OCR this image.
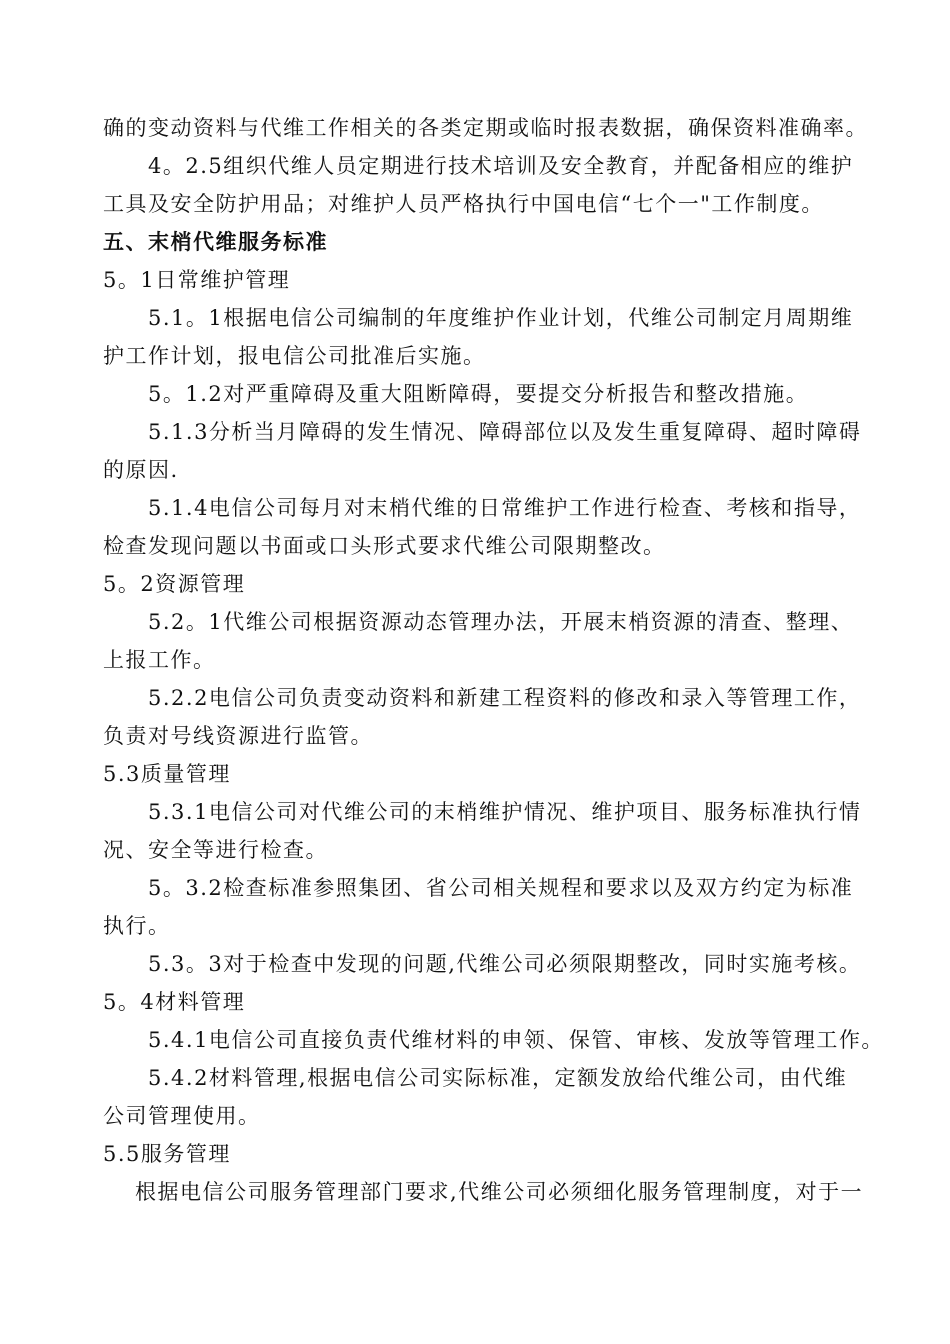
确的变动资料与代维工作相关的各类定期或临时报表数据，确保资料准确率。
4。2.5组织代维人员定期进行技术培训及安全教育，并配备相应的维护
工具及安全防护用品；对维护人员严格执行中国电信“七个一"工作制度。
五、末梢代维服务标准
5。1日常维护管理
5.1。1根据电信公司编制的年度维护作业计划，代维公司制定月周期维
护工作计划，报电信公司批准后实施。
5。1.2对严重障碍及重大阻断障碍，要提交分析报告和整改措施。
5.1.3分析当月障碍的发生情况、障碍部位以及发生重复障碍、超时障碍
的原因.
5.1.4电信公司每月对末梢代维的日常维护工作进行检查、考核和指导，
检查发现问题以书面或口头形式要求代维公司限期整改。
5。2资源管理
5.2。1代维公司根据资源动态管理办法，开展末梢资源的清查、整理、
上报工作。
5.2.2电信公司负责变动资料和新建工程资料的修改和录入等管理工作，
负责对号线资源进行监管。
5.3质量管理
5.3.1电信公司对代维公司的末梢维护情况、维护项目、服务标准执行情
况、安全等进行检查。
5。3.2检查标准参照集团、省公司相关规程和要求以及双方约定为标准
执行。
5.3。3对于检查中发现的问题,代维公司必须限期整改，同时实施考核。
5。4材料管理
5.4.1电信公司直接负责代维材料的申领、保管、审核、发放等管理工作。
5.4.2材料管理,根据电信公司实际标准，定额发放给代维公司，由代维
公司管理使用。
5.5服务管理
根据电信公司服务管理部门要求,代维公司必须细化服务管理制度，对于一
